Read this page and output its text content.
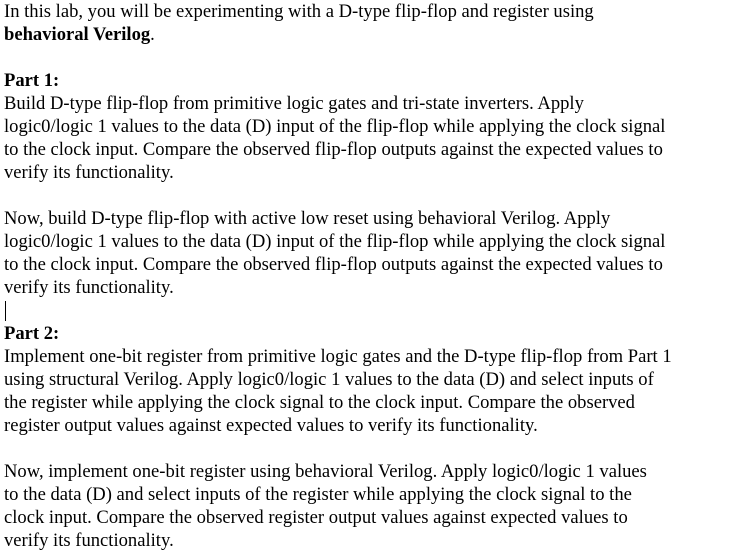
In this lab, you will be experimenting with a D-type flip-flop and register using
behavioral Verilog.
Part 1:
Build D-type flip-flop from primitive logic gates and tri-state inverters. Apply
logic0/logic 1 values to the data (D) input of the flip-flop while applying the clock signal
to the clock input. Compare the observed flip-flop outputs against the expected values to
verify its functionality.
Now, build D-type flip-flop with active low reset using behavioral Verilog. Apply
logic0/logic 1 values to the data (D) input of the flip-flop while applying the clock signal
to the clock input. Compare the observed flip-flop outputs against the expected values to
verify its functionality.
Part 2:
Implement one-bit register from primitive logic gates and the D-type flip-flop from Part 1
using structural Verilog. Apply logic0/logic 1 values to the data (D) and select inputs of
the register while applying the clock signal to the clock input. Compare the observed
register output values against expected values to verify its functionality.
Now, implement one-bit register using behavioral Verilog. Apply logic0/logic 1 values
to the data (D) and select inputs of the register while applying the clock signal to the
clock input. Compare the observed register output values against expected values to
verify its functionality.
